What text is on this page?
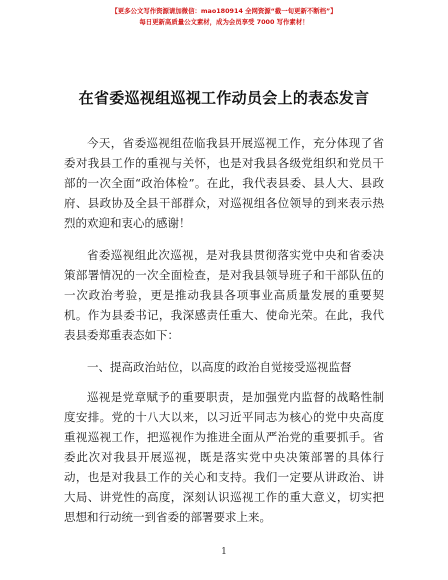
【更多公文写作资源请加微信：mao180914 全网资源“截一旬更新不断档”】
每日更新高质量公文素材，成为会员享受 7000 写作素材！
在省委巡视组巡视工作动员会上的表态发言

今天，省委巡视组莅临我县开展巡视工作，充分体现了省委对我县工作的重视与关怀，也是对我县各级党组织和党员干部的一次全面“政治体检”。在此，我代表县委、县人大、县政府、县政协及全县干部群众，对巡视组各位领导的到来表示热烈的欢迎和衷心的感谢！

省委巡视组此次巡视，是对我县贯彻落实党中央和省委决策部署情况的一次全面检查，是对我县领导班子和干部队伍的一次政治考验，更是推动我县各项事业高质量发展的重要契机。作为县委书记，我深感责任重大、使命光荣。在此，我代表县委郑重表态如下：

一、提高政治站位，以高度的政治自觉接受巡视监督

巡视是党章赋予的重要职责，是加强党内监督的战略性制度安排。党的十八大以来，以习近平同志为核心的党中央高度重视巡视工作，把巡视作为推进全面从严治党的重要抓手。省委此次对我县开展巡视，既是落实党中央决策部署的具体行动，也是对我县工作的关心和支持。我们一定要从讲政治、讲大局、讲党性的高度，深刻认识巡视工作的重大意义，切实把思想和行动统一到省委的部署要求上来。

1
